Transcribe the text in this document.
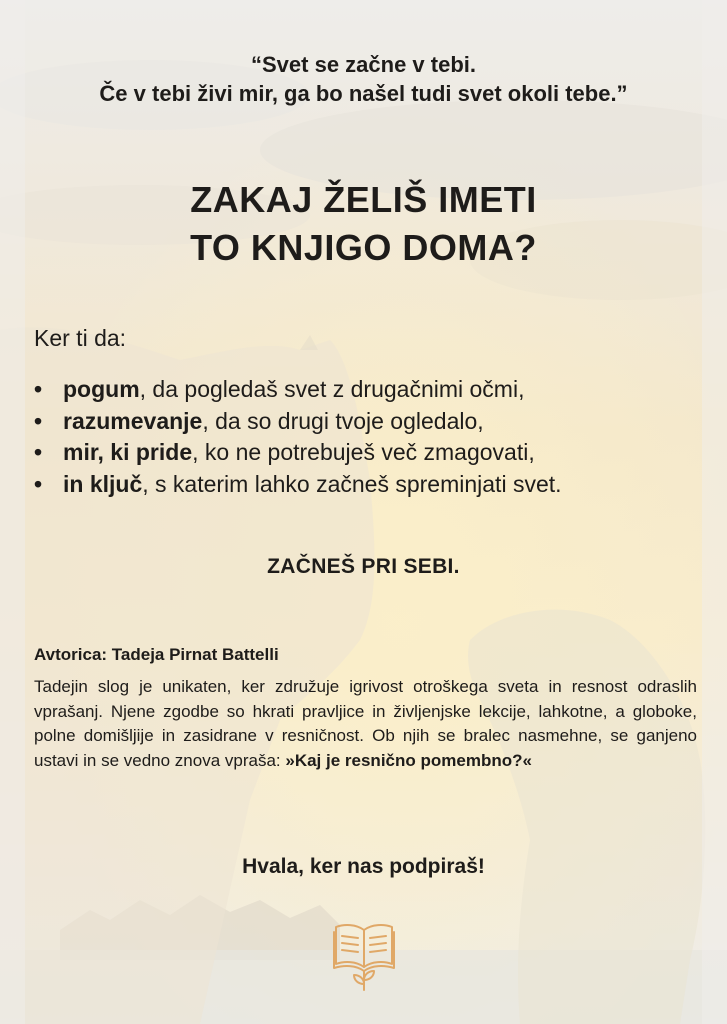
“Svet se začne v tebi.
Če v tebi živi mir, ga bo našel tudi svet okoli tebe.”
ZAKAJ ŽELIŠ IMETI
TO KNJIGO DOMA?
Ker ti da:
• pogum, da pogledaš svet z drugačnimi očmi,
• razumevanje, da so drugi tvoje ogledalo,
• mir, ki pride, ko ne potrebuješ več zmagovati,
• in ključ, s katerim lahko začneš spreminjati svet.
ZAČNEŠ PRI SEBI.
Avtorica: Tadeja Pirnat Battelli

Tadejin slog je unikaten, ker združuje igrivost otroškega sveta in resnost odraslih vprašanj. Njene zgodbe so hkrati pravljice in življenjske lekcije, lahkotne, a globoke, polne domišljije in zasidrane v resničnost. Ob njih se bralec nasmehne, se ganjeno ustavi in se vedno znova vpraša: »Kaj je resnično pomembno?«

Hvala, ker nas podpiraš!
